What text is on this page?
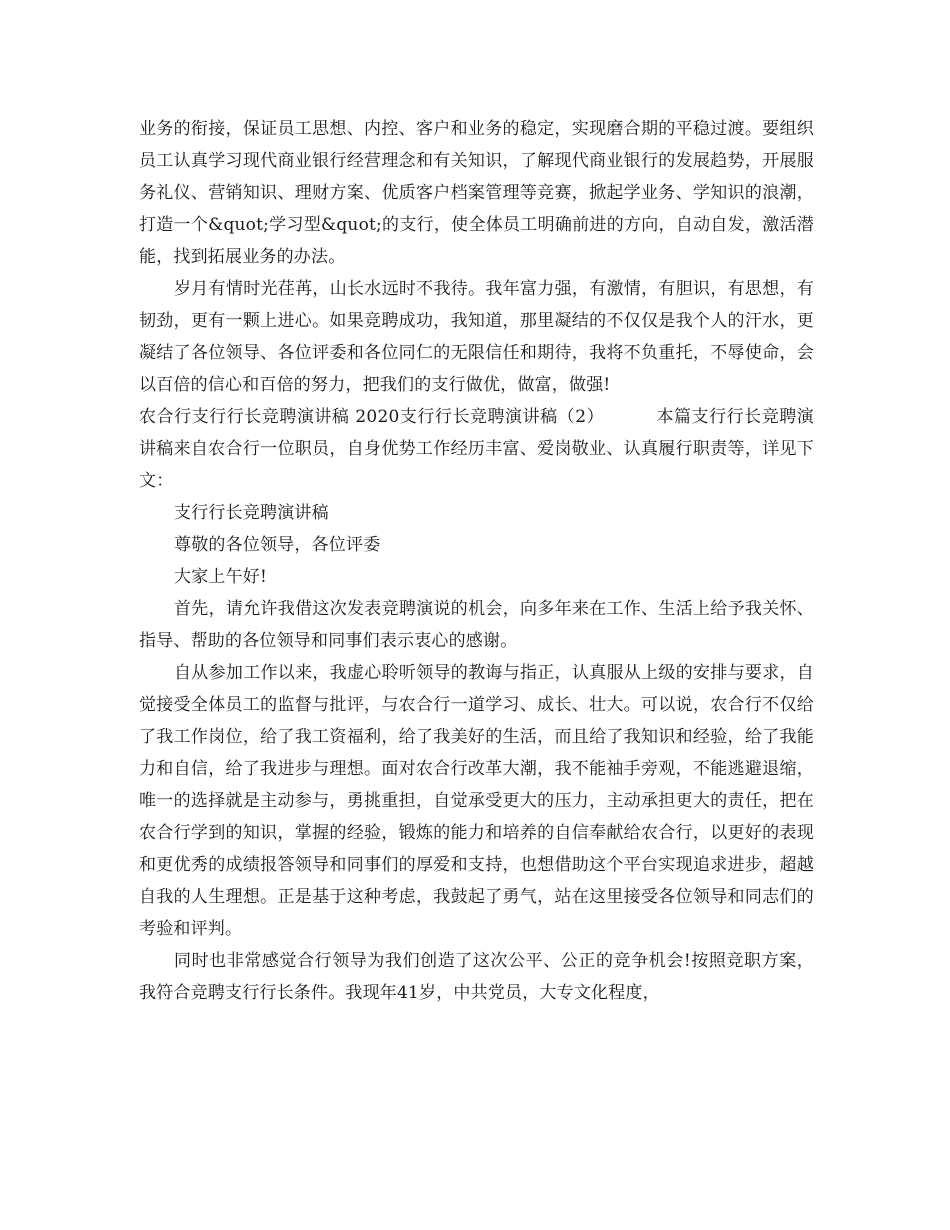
业务的衔接，保证员工思想、内控、客户和业务的稳定，实现磨合期的平稳过渡。要组织员工认真学习现代商业银行经营理念和有关知识，了解现代商业银行的发展趋势，开展服务礼仪、营销知识、理财方案、优质客户档案管理等竞赛，掀起学业务、学知识的浪潮，打造一个&quot;学习型&quot;的支行，使全体员工明确前进的方向，自动自发，激活潜能，找到拓展业务的办法。

岁月有情时光荏苒，山长水远时不我待。我年富力强，有激情，有胆识，有思想，有韧劲，更有一颗上进心。如果竞聘成功，我知道，那里凝结的不仅仅是我个人的汗水，更凝结了各位领导、各位评委和各位同仁的无限信任和期待，我将不负重托，不辱使命，会以百倍的信心和百倍的努力，把我们的支行做优，做富，做强!

农合行支行行长竞聘演讲稿 2020支行行长竞聘演讲稿（2）	本篇支行行长竞聘演讲稿来自农合行一位职员，自身优势工作经历丰富、爱岗敬业、认真履行职责等，详见下文：

支行行长竞聘演讲稿

尊敬的各位领导，各位评委

大家上午好!

首先，请允许我借这次发表竞聘演说的机会，向多年来在工作、生活上给予我关怀、指导、帮助的各位领导和同事们表示衷心的感谢。

自从参加工作以来，我虚心聆听领导的教诲与指正，认真服从上级的安排与要求，自觉接受全体员工的监督与批评，与农合行一道学习、成长、壮大。可以说，农合行不仅给了我工作岗位，给了我工资福利，给了我美好的生活，而且给了我知识和经验，给了我能力和自信，给了我进步与理想。面对农合行改革大潮，我不能袖手旁观，不能逃避退缩，唯一的选择就是主动参与，勇挑重担，自觉承受更大的压力，主动承担更大的责任，把在农合行学到的知识，掌握的经验，锻炼的能力和培养的自信奉献给农合行，以更好的表现和更优秀的成绩报答领导和同事们的厚爱和支持，也想借助这个平台实现追求进步，超越自我的人生理想。正是基于这种考虑，我鼓起了勇气，站在这里接受各位领导和同志们的考验和评判。

同时也非常感觉合行领导为我们创造了这次公平、公正的竞争机会!按照竞职方案，我符合竞聘支行行长条件。我现年41岁，中共党员，大专文化程度，
